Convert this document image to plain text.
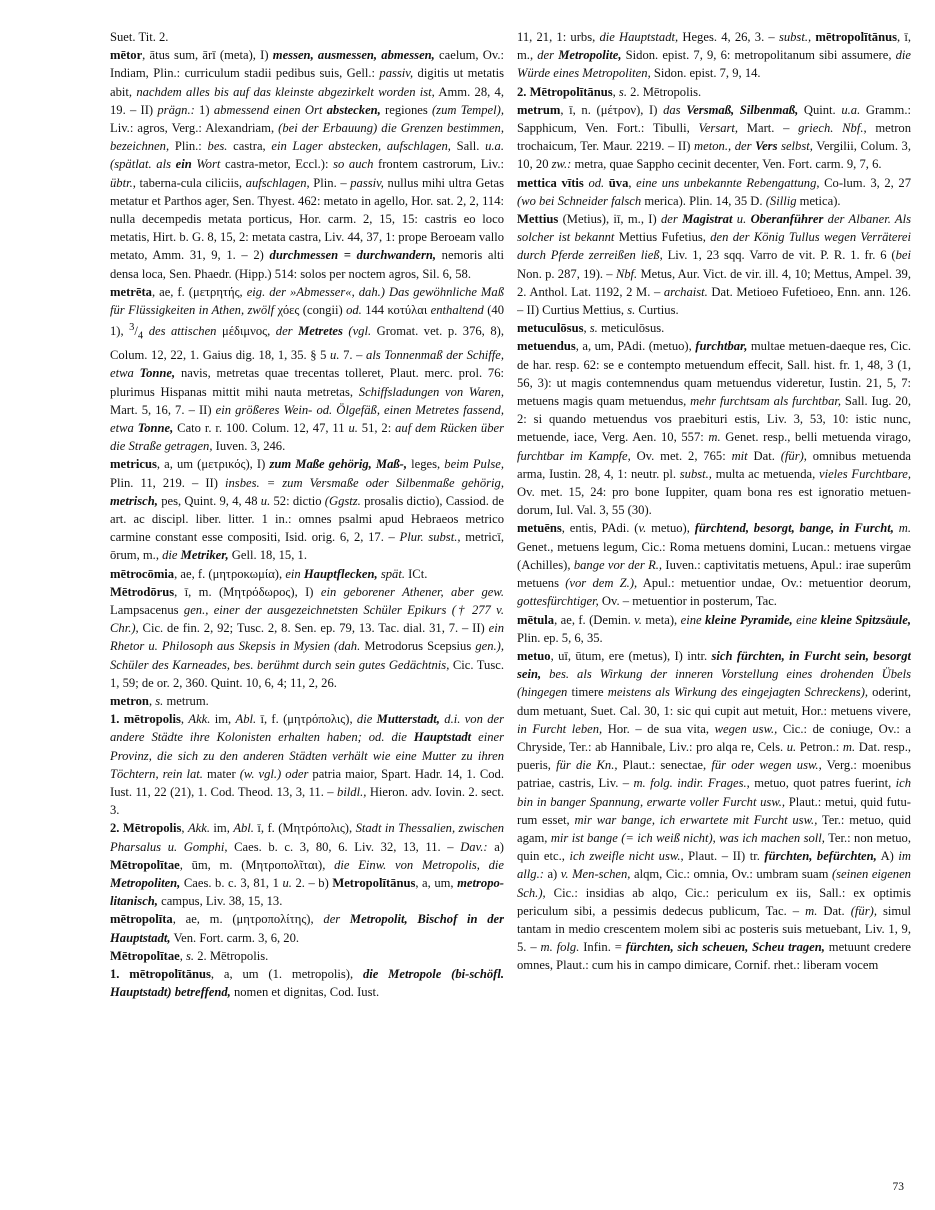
Suet. Tit. 2.

mētor, ātus sum, ārī (meta), I) messen, ausmessen, abmessen, caelum, Ov.: Indiam, Plin.: curriculum stadii pedibus suis, Gell.: passiv, digitis ut metatis abit, nachdem alles bis auf das kleinste abgezirkelt worden ist, Amm. 28, 4, 19. – II) prägn.: 1) abmessend einen Ort abstecken, regiones (zum Tempel), Liv.: agros, Verg.: Alexandriam, (bei der Erbauung) die Grenzen bestimmen, bezeichnen, Plin.: bes. castra, ein Lager abstecken, aufschlagen, Sall. u.a. (spätlat. als ein Wort castra-metor, Eccl.): so auch frontem castrorum, Liv.: übtr., taberna-cula ciliciis, aufschlagen, Plin. – passiv, nullus mihi ultra Getas metatur et Parthos ager, Sen. Thyest. 462: metato in agello, Hor. sat. 2, 2, 114: nulla decempedis metata porticus, Hor. carm. 2, 15, 15: castris eo loco metatis, Hirt. b. G. 8, 15, 2: metata castra, Liv. 44, 37, 1: prope Beroeam vallo metato, Amm. 31, 9, 1. – 2) durchmessen = durchwandern, nemoris alti densa loca, Sen. Phaedr. (Hipp.) 514: solos per noctem agros, Sil. 6, 58.

metrēta, ae, f. (μετρητής, eig. der »Abmesser«, dah.) Das gewöhnliche Maß für Flüssigkeiten in Athen, zwölf χόες (congii) od. 144 κοτύλαι enthaltend (40 1), $^3/_4$ des attischen μέδιμνος, der Metretes (vgl. Gromat. vet. p. 376, 8), Colum. 12, 22, 1. Gaius dig. 18, 1, 35. § 5 u. 7. – als Tonnenmaß der Schiffe, etwa Tonne, navis, metretas quae trecentas tolleret, Plaut. merc. prol. 76: plurimus Hispanas mittit mihi nauta metretas, Schiffsladungen von Waren, Mart. 5, 16, 7. – II) ein größeres Wein- od. Ölgefäß, einen Metretes fassend, etwa Tonne, Cato r. r. 100. Colum. 12, 47, 11 u. 51, 2: auf dem Rücken über die Straße getragen, Iuven. 3, 246.

metricus, a, um (μετρικός), I) zum Maße gehörig, Maß-, leges, beim Pulse, Plin. 11, 219. – II) insbes. = zum Versmaße oder Silbenmaße gehörig, metrisch, pes, Quint. 9, 4, 48 u. 52: dictio (Ggstz. prosalis dictio), Cassiod. de art. ac discipl. liber. litter. 1 in.: omnes psalmi apud Hebraeos metrico carmine constant esse compositi, Isid. orig. 6, 2, 17. – Plur. subst., metricī, ōrum, m., die Metriker, Gell. 18, 15, 1.

mētrocōmia, ae, f. (μητροκωμία), ein Hauptflecken, spät. ICt.

Mētrodōrus, ī, m. (Μητρόδωρος), I) ein geborener Athener, aber gew. Lampsacenus gen., einer der ausgezeichnetsten Schüler Epikurs († 277 v. Chr.), Cic. de fin. 2, 92; Tusc. 2, 8. Sen. ep. 79, 13. Tac. dial. 31, 7. – II) ein Rhetor u. Philosoph aus Skepsis in Mysien (dah. Metrodorus Scepsius gen.), Schüler des Karneades, bes. berühmt durch sein gutes Gedächtnis, Cic. Tusc. 1, 59; de or. 2, 360. Quint. 10, 6, 4; 11, 2, 26.

metron, s. metrum.

1. mētropolis, Akk. im, Abl. ī, f. (μητρόπολις), die Mutterstadt, d.i. von der andere Städte ihre Kolonisten erhalten haben; od. die Hauptstadt einer Provinz, die sich zu den anderen Städten verhält wie eine Mutter zu ihren Töchtern, rein lat. mater (w. vgl.) oder patria maior, Spart. Hadr. 14, 1. Cod. Iust. 11, 22 (21), 1. Cod. Theod. 13, 3, 11. – bildl., Hieron. adv. Iovin. 2. sect. 3.

2. Mētropolis, Akk. im, Abl. ī, f. (Μητρόπολις), Stadt in Thessalien, zwischen Pharsalus u. Gomphi, Caes. b. c. 3, 80, 6. Liv. 32, 13, 11. – Dav.: a) Mētropolītae, ūm, m. (Μητροπολῖται), die Einw. von Metropolis, die Metropoliten, Caes. b. c. 3, 81, 1 u. 2. – b) Metropolītānus, a, um, metropo-litanisch, campus, Liv. 38, 15, 13.

mētropolīta, ae, m. (μητροπολίτης), der Metropolit, Bischof in der Hauptstadt, Ven. Fort. carm. 3, 6, 20.

Mētropolītae, s. 2. Mētropolis.

1. mētropolītānus, a, um (1. metropolis), die Metropole (bi-schöfl. Hauptstadt) betreffend, nomen et dignitas, Cod. Iust.

11, 21, 1: urbs, die Hauptstadt, Heges. 4, 26, 3. – subst., mētropolītānus, ī, m., der Metropolite, Sidon. epist. 7, 9, 6: metropolitanum sibi assumere, die Würde eines Metropoliten, Sidon. epist. 7, 9, 14.

2. Mētropolītānus, s. 2. Mētropolis.

metrum, ī, n. (μέτρον), I) das Versmaß, Silbenmaß, Quint. u.a. Gramm.: Sapphicum, Ven. Fort.: Tibulli, Versart, Mart. – griech. Nbf., metron trochaicum, Ter. Maur. 2219. – II) meton., der Vers selbst, Vergilii, Colum. 3, 10, 20 zw.: metra, quae Sappho cecinit decenter, Ven. Fort. carm. 9, 7, 6.

mettica vītis od. ūva, eine uns unbekannte Rebengattung, Co-lum. 3, 2, 27 (wo bei Schneider falsch merica). Plin. 14, 35 D. (Sillig metica).

Mettius (Metius), iī, m., I) der Magistrat u. Oberanführer der Albaner. Als solcher ist bekannt Mettius Fufetius, den der König Tullus wegen Verräterei durch Pferde zerreißen ließ, Liv. 1, 23 sqq. Varro de vit. P. R. 1. fr. 6 (bei Non. p. 287, 19). – Nbf. Metus, Aur. Vict. de vir. ill. 4, 10; Mettus, Ampel. 39, 2. Anthol. Lat. 1192, 2 M. – archaist. Dat. Metioeo Fufetioeo, Enn. ann. 126. – II) Curtius Mettius, s. Curtius.

metuculōsus, s. meticulōsus.

metuendus, a, um, PAdi. (metuo), furchtbar, multae metuen-daeque res, Cic. de har. resp. 62: se e contempto metuendum effecit, Sall. hist. fr. 1, 48, 3 (1, 56, 3): ut magis contemnendus quam metuendus videretur, Iustin. 21, 5, 7: metuens magis quam metuendus, mehr furchtsam als furchtbar, Sall. Iug. 20, 2: si quando metuendus vos praebituri estis, Liv. 3, 53, 10: istic nunc, metuende, iace, Verg. Aen. 10, 557: m. Genet. resp., belli metuenda virago, furchtbar im Kampfe, Ov. met. 2, 765: mit Dat. (für), omnibus metuenda arma, Iustin. 28, 4, 1: neutr. pl. subst., multa ac metuenda, vieles Furchtbare, Ov. met. 15, 24: pro bone Iuppiter, quam bona res est ignoratio metuen-dorum, Iul. Val. 3, 55 (30).

metuēns, entis, PAdi. (v. metuo), fürchtend, besorgt, bange, in Furcht, m. Genet., metuens legum, Cic.: Roma metuens domini, Lucan.: metuens virgae (Achilles), bange vor der R., Iuven.: captivitatis metuens, Apul.: irae superûm metuens (vor dem Z.), Apul.: metuentior undae, Ov.: metuentior deorum, gottesfürchtiger, Ov. – metuentior in posterum, Tac.

mētula, ae, f. (Demin. v. meta), eine kleine Pyramide, eine kleine Spitzsäule, Plin. ep. 5, 6, 35.

metuo, uī, ūtum, ere (metus), I) intr. sich fürchten, in Furcht sein, besorgt sein, bes. als Wirkung der inneren Vorstellung eines drohenden Übels (hingegen timere meistens als Wirkung des eingejagten Schreckens), oderint, dum metuant, Suet. Cal. 30, 1: sic qui cupit aut metuit, Hor.: metuens vivere, in Furcht leben, Hor. – de sua vita, wegen usw., Cic.: de coniuge, Ov.: a Chryside, Ter.: ab Hannibale, Liv.: pro alqa re, Cels. u. Petron.: m. Dat. resp., pueris, für die Kn., Plaut.: senectae, für oder wegen usw., Verg.: moenibus patriae, castris, Liv. – m. folg. indir. Frages., metuo, quot patres fuerint, ich bin in banger Spannung, erwarte voller Furcht usw., Plaut.: metui, quid futu-rum esset, mir war bange, ich erwartete mit Furcht usw., Ter.: metuo, quid agam, mir ist bange (= ich weiß nicht), was ich machen soll, Ter.: non metuo, quin etc., ich zweifle nicht usw., Plaut. – II) tr. fürchten, befürchten, A) im allg.: a) v. Men-schen, alqm, Cic.: omnia, Ov.: umbram suam (seinen eigenen Sch.), Cic.: insidias ab alqo, Cic.: periculum ex iis, Sall.: ex optimis periculum sibi, a pessimis dedecus publicum, Tac. – m. Dat. (für), simul tantam in medio crescentem molem sibi ac posteris suis metuebant, Liv. 1, 9, 5. – m. folg. Infin. = fürchten, sich scheuen, Scheu tragen, metuunt credere omnes, Plaut.: cum his in campo dimicare, Cornif. rhet.: liberam vocem

73
